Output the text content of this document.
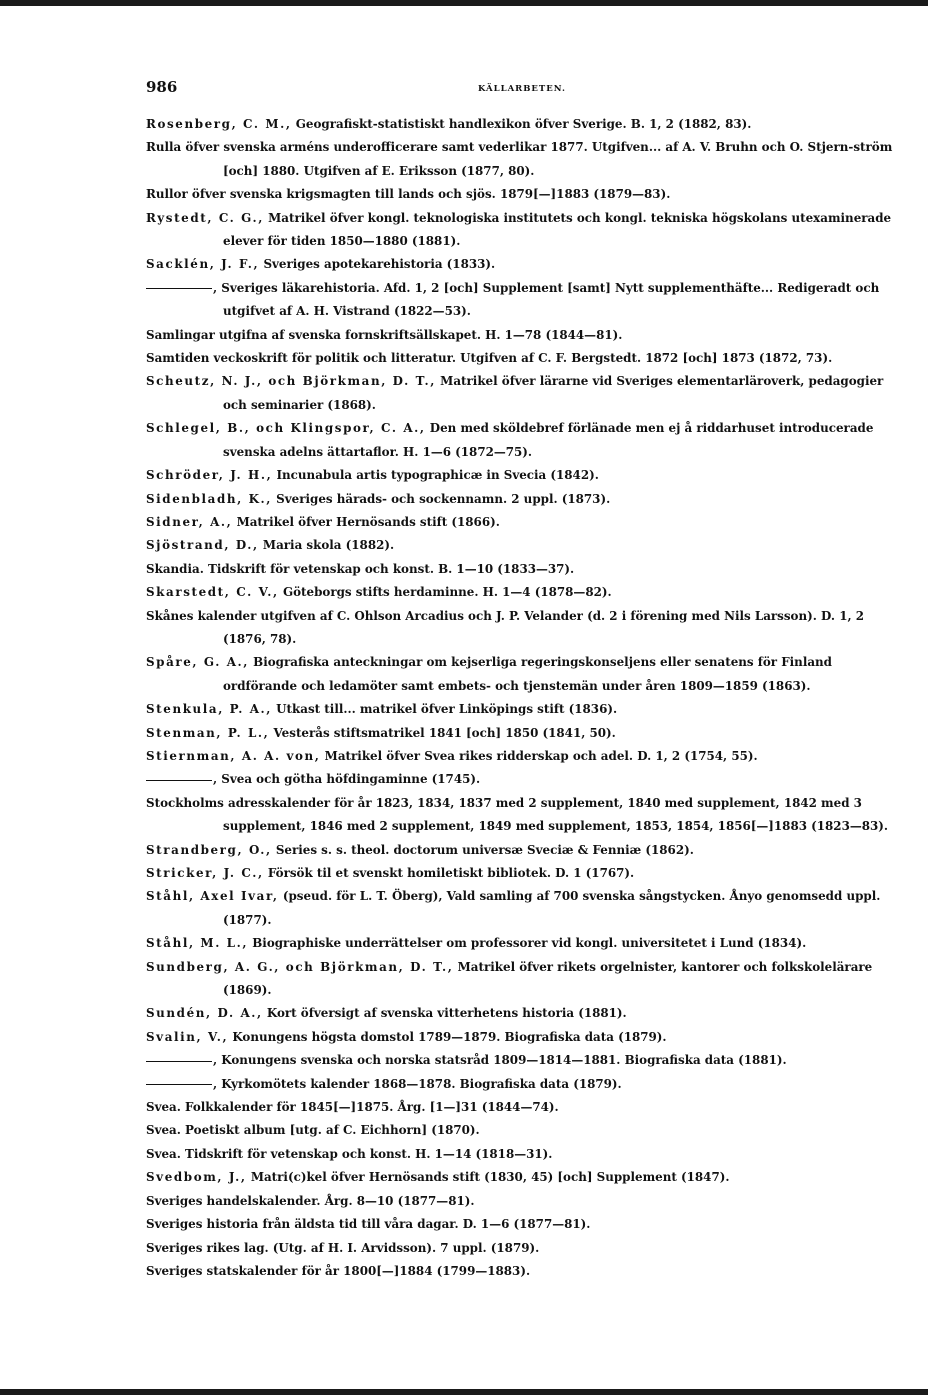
986	KÄLLARBETEN.
Rosenberg, C. M., Geografiskt-statistiskt handlexikon öfver Sverige. B. 1, 2 (1882, 83).
Rulla öfver svenska arméns underofficerare samt vederlikar 1877. Utgifven... af A. V. Bruhn och O. Stjern-ström [och] 1880. Utgifven af E. Eriksson (1877, 80).
Rullor öfver svenska krigsmagten till lands och sjös. 1879[—]1883 (1879—83).
Rystedt, C. G., Matrikel öfver kongl. teknologiska institutets och kongl. tekniska högskolans utexaminerade elever för tiden 1850—1880 (1881).
Sacklén, J. F., Sveriges apotekarehistoria (1833).
, Sveriges läkarehistoria. Afd. 1, 2 [och] Supplement [samt] Nytt supplementhäfte... Redigeradt och utgifvet af A. H. Vistrand (1822—53).
Samlingar utgifna af svenska fornskriftsällskapet. H. 1—78 (1844—81).
Samtiden veckoskrift för politik och litteratur. Utgifven af C. F. Bergstedt. 1872 [och] 1873 (1872, 73).
Scheutz, N. J., och Björkman, D. T., Matrikel öfver lärarne vid Sveriges elementarläroverk, pedagogier och seminarier (1868).
Schlegel, B., och Klingspor, C. A., Den med sköldebref förlänade men ej å riddarhuset introducerade svenska adelns ättartaflor. H. 1—6 (1872—75).
Schröder, J. H., Incunabula artis typographicæ in Svecia (1842).
Sidenbladh, K., Sveriges härads- och sockennamn. 2 uppl. (1873).
Sidner, A., Matrikel öfver Hernösands stift (1866).
Sjöstrand, D., Maria skola (1882).
Skandia. Tidskrift för vetenskap och konst. B. 1—10 (1833—37).
Skarstedt, C. V., Göteborgs stifts herdaminne. H. 1—4 (1878—82).
Skånes kalender utgifven af C. Ohlson Arcadius och J. P. Velander (d. 2 i förening med Nils Larsson). D. 1, 2 (1876, 78).
Spåre, G. A., Biografiska anteckningar om kejserliga regeringskonseljens eller senatens för Finland ordförande och ledamöter samt embets- och tjenstemän under åren 1809—1859 (1863).
Stenkula, P. A., Utkast till... matrikel öfver Linköpings stift (1836).
Stenman, P. L., Vesterås stiftsmatrikel 1841 [och] 1850 (1841, 50).
Stiernman, A. A. von, Matrikel öfver Svea rikes ridderskap och adel. D. 1, 2 (1754, 55).
, Svea och götha höfdingaminne (1745).
Stockholms adresskalender för år 1823, 1834, 1837 med 2 supplement, 1840 med supplement, 1842 med 3 supplement, 1846 med 2 supplement, 1849 med supplement, 1853, 1854, 1856[—]1883 (1823—83).
Strandberg, O., Series s. s. theol. doctorum universæ Sveciæ & Fenniæ (1862).
Stricker, J. C., Försök til et svenskt homiletiskt bibliotek. D. 1 (1767).
Ståhl, Axel Ivar, (pseud. för L. T. Öberg), Vald samling af 700 svenska sångstycken. Ånyo genomsedd uppl. (1877).
Ståhl, M. L., Biographiske underrättelser om professorer vid kongl. universitetet i Lund (1834).
Sundberg, A. G., och Björkman, D. T., Matrikel öfver rikets orgelnister, kantorer och folkskolelärare (1869).
Sundén, D. A., Kort öfversigt af svenska vitterhetens historia (1881).
Svalin, V., Konungens högsta domstol 1789—1879. Biografiska data (1879).
, Konungens svenska och norska statsråd 1809—1814—1881. Biografiska data (1881).
, Kyrkomötets kalender 1868—1878. Biografiska data (1879).
Svea. Folkkalender för 1845[—]1875. Årg. [1—]31 (1844—74).
Svea. Poetiskt album [utg. af C. Eichhorn] (1870).
Svea. Tidskrift för vetenskap och konst. H. 1—14 (1818—31).
Svedbom, J., Matri(c)kel öfver Hernösands stift (1830, 45) [och] Supplement (1847).
Sveriges handelskalender. Årg. 8—10 (1877—81).
Sveriges historia från äldsta tid till våra dagar. D. 1—6 (1877—81).
Sveriges rikes lag. (Utg. af H. I. Arvidsson). 7 uppl. (1879).
Sveriges statskalender för år 1800[—]1884 (1799—1883).
